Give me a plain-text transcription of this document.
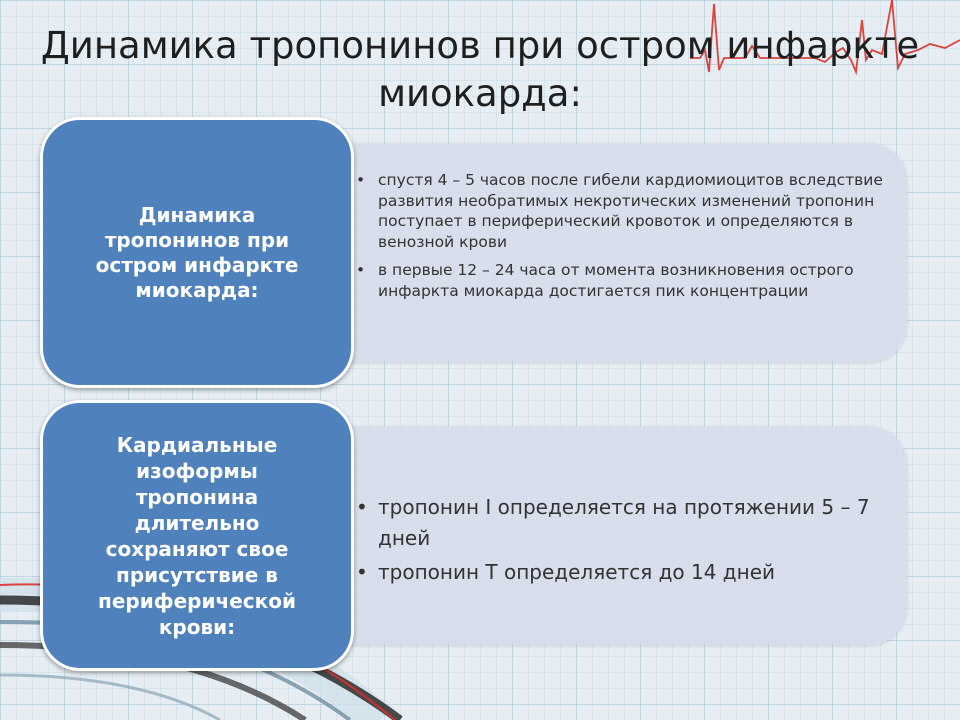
Динамика тропонинов при остром инфаркте
миокарда:
Динамика
тропонинов при
остром инфаркте
миокарда:
Кардиальные
изоформы
тропонина
длительно
сохраняют свое
присутствие в
периферической
крови:
• спустя 4 – 5 часов после гибели кардиомиоцитов вследствие развития необратимых некротических изменений тропонин поступает в периферический кровоток и определяются в венозной крови
• в первые 12 – 24 часа от момента возникновения острого инфаркта миокарда достигается пик концентрации
• тропонин I определяется на протяжении 5 – 7 дней
• тропонин T определяется до 14 дней
